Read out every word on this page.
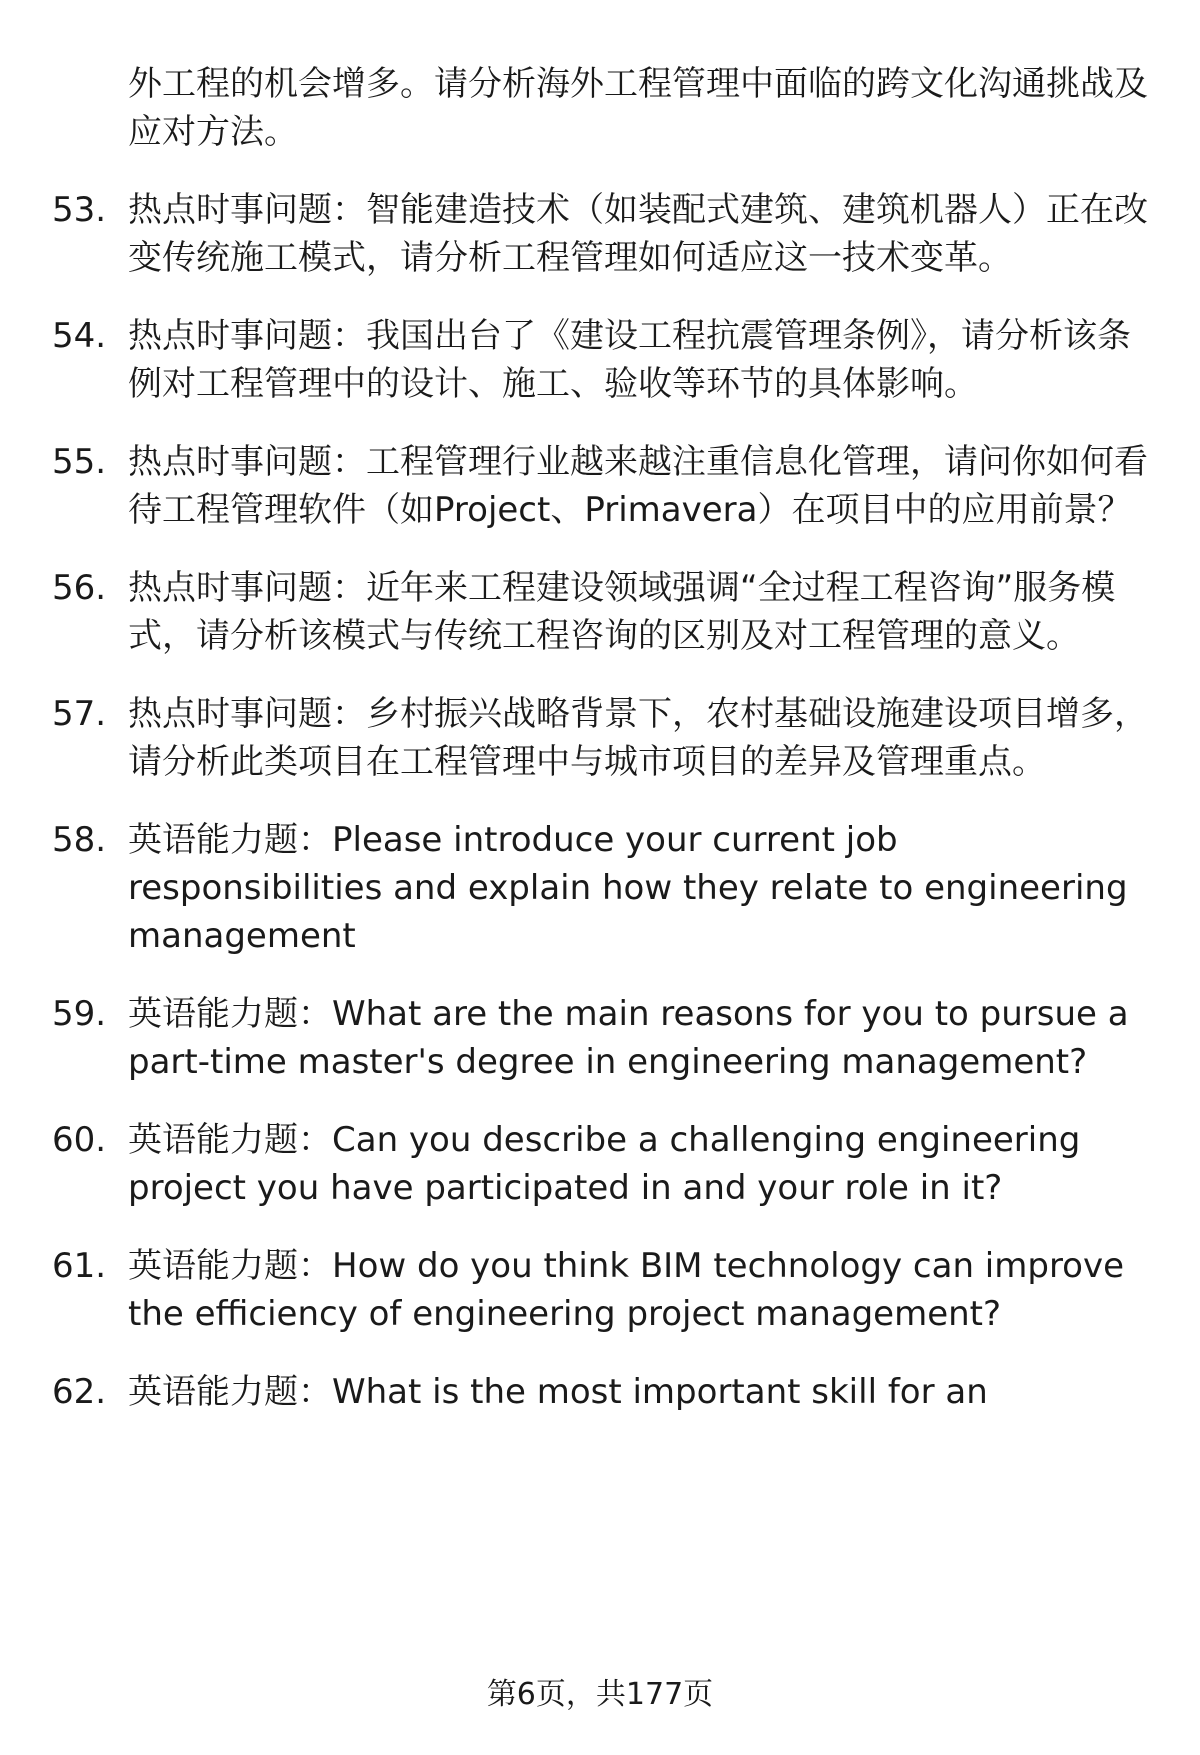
外工程的机会增多。请分析海外工程管理中面临的跨文化沟通挑战及应对方法。
53. 热点时事问题：智能建造技术（如装配式建筑、建筑机器人）正在改变传统施工模式，请分析工程管理如何适应这一技术变革。
54. 热点时事问题：我国出台了《建设工程抗震管理条例》，请分析该条例对工程管理中的设计、施工、验收等环节的具体影响。
55. 热点时事问题：工程管理行业越来越注重信息化管理，请问你如何看待工程管理软件（如Project、Primavera）在项目中的应用前景？
56. 热点时事问题：近年来工程建设领域强调“全过程工程咨询”服务模式，请分析该模式与传统工程咨询的区别及对工程管理的意义。
57. 热点时事问题：乡村振兴战略背景下，农村基础设施建设项目增多，请分析此类项目在工程管理中与城市项目的差异及管理重点。
58. 英语能力题：Please introduce your current job responsibilities and explain how they relate to engineering management
59. 英语能力题：What are the main reasons for you to pursue a part-time master's degree in engineering management?
60. 英语能力题：Can you describe a challenging engineering project you have participated in and your role in it?
61. 英语能力题：How do you think BIM technology can improve the efficiency of engineering project management?
62. 英语能力题：What is the most important skill for an
第6页，共177页
